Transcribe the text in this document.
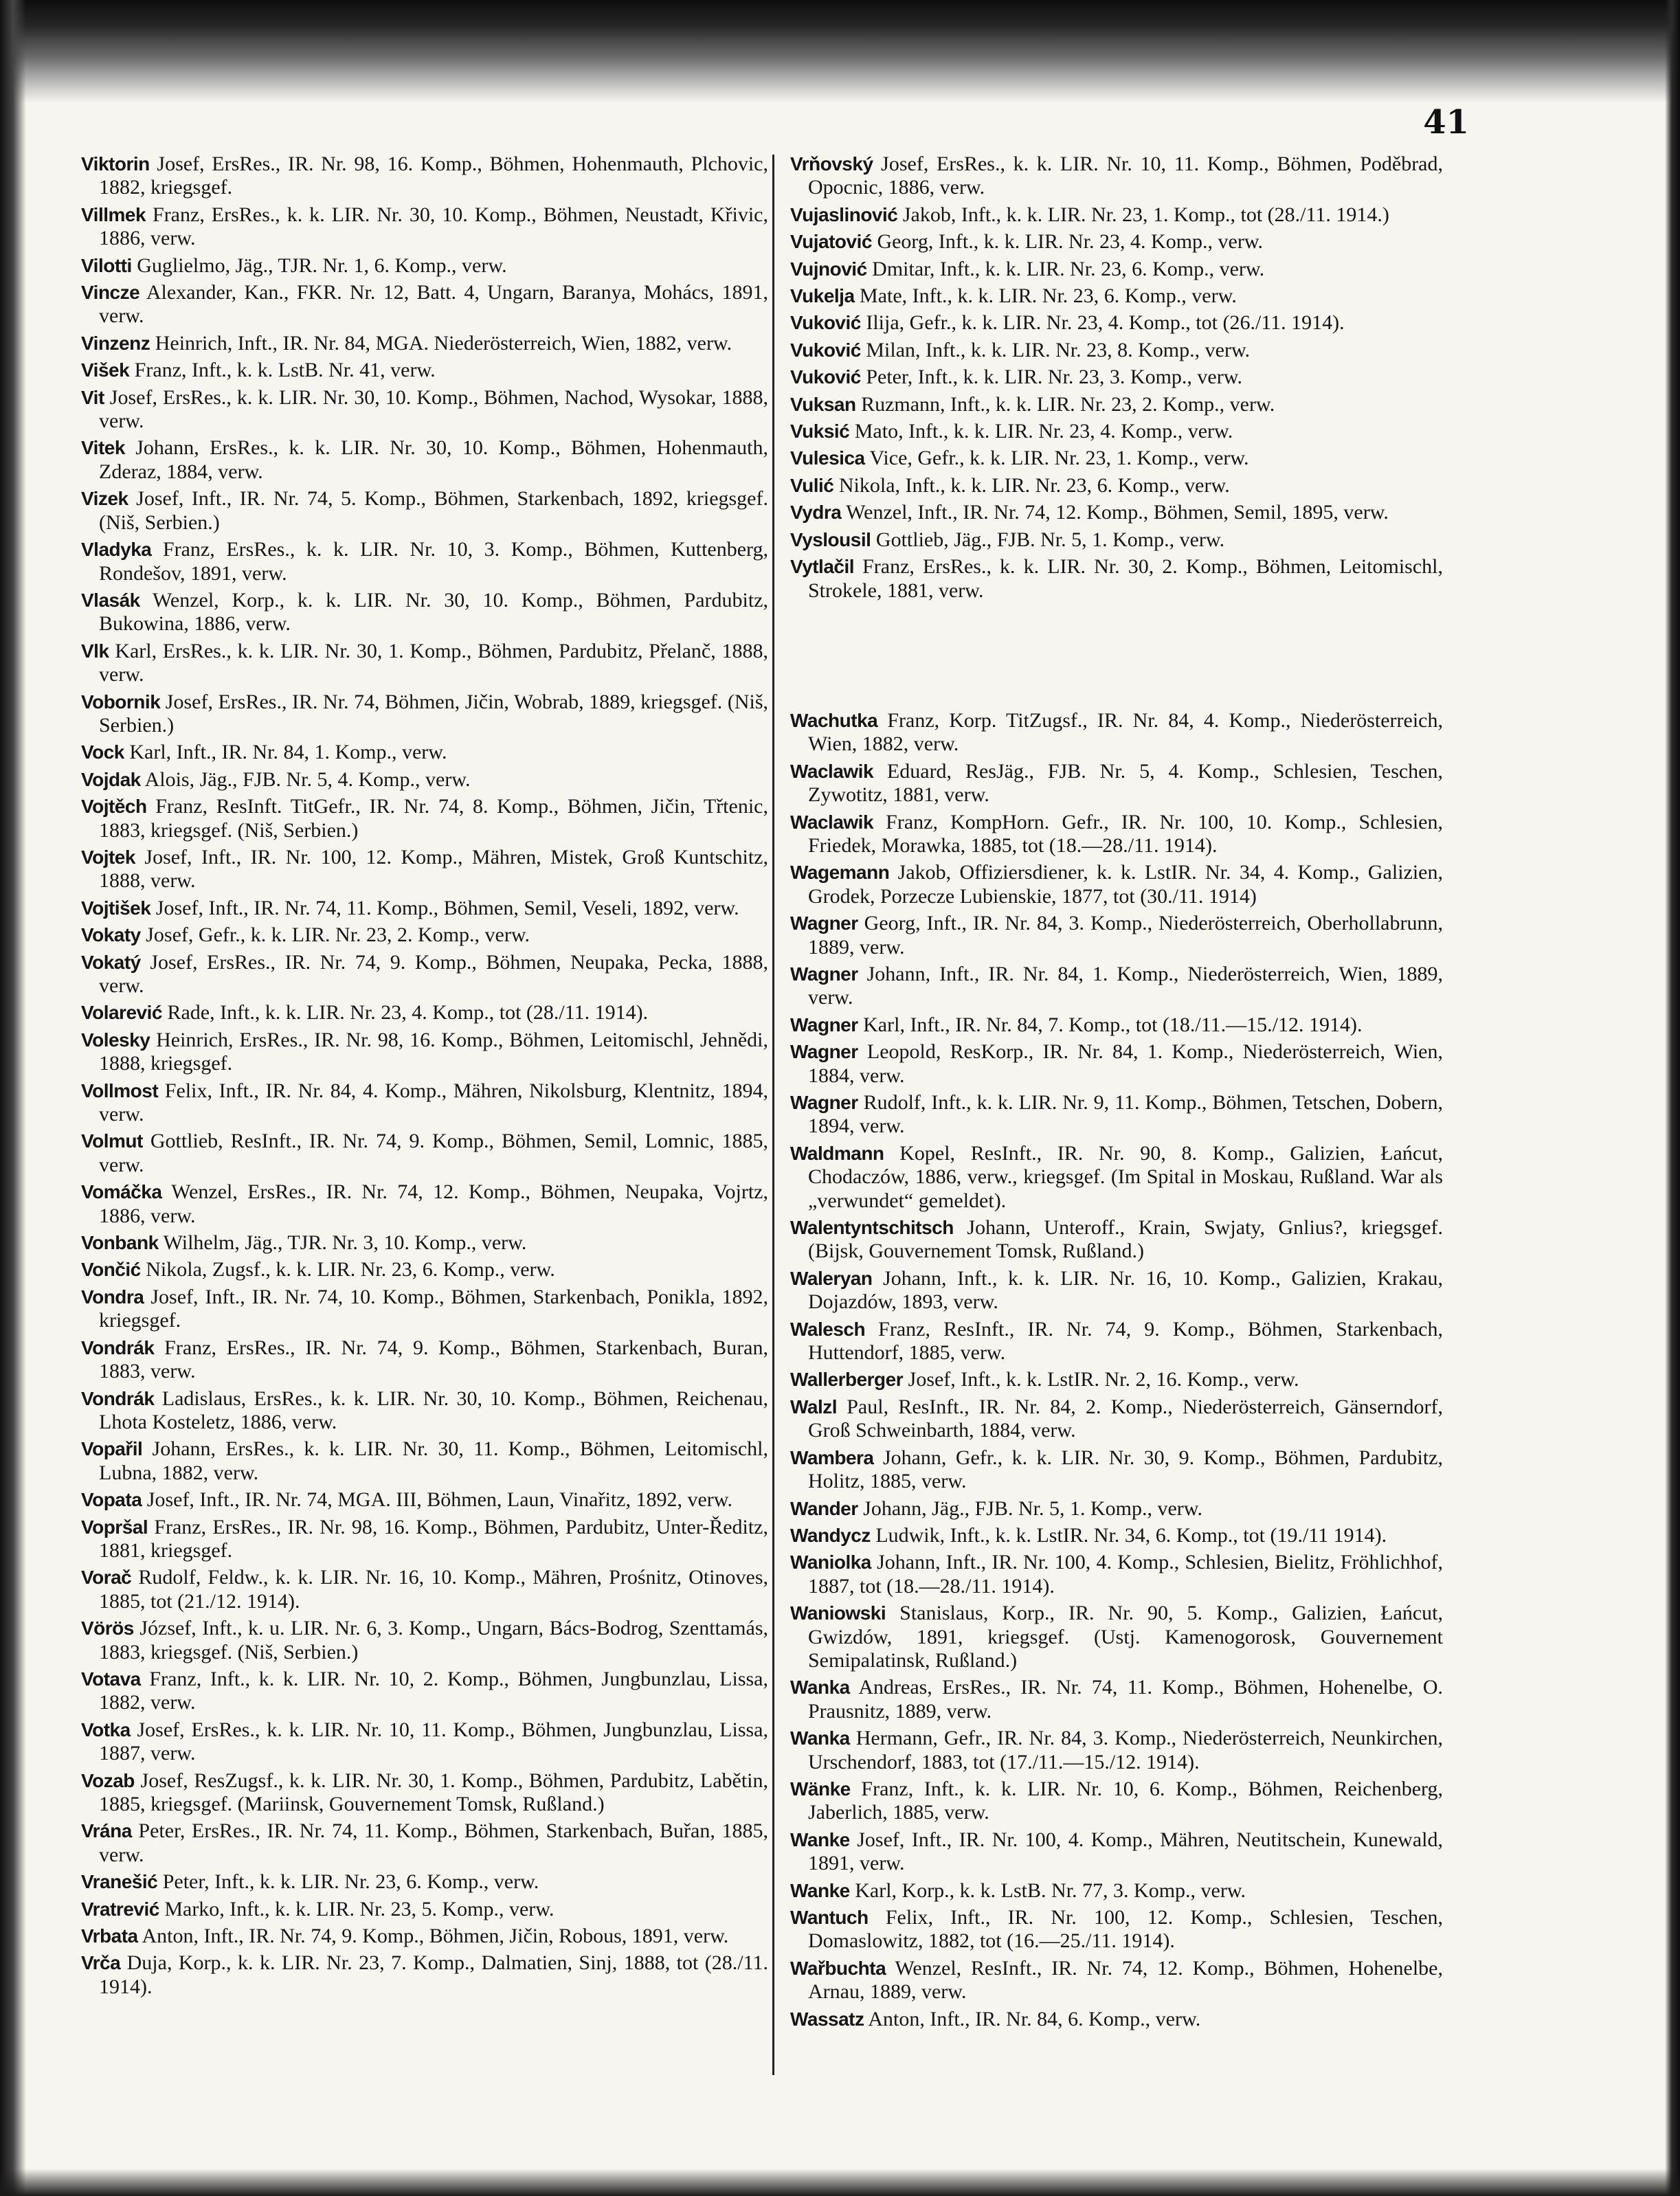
41
Viktorin Josef, ErsRes., IR. Nr. 98, 16. Komp., Böhmen, Hohenmauth, Plchovic, 1882, kriegsgef.
Villmek Franz, ErsRes., k. k. LIR. Nr. 30, 10. Komp., Böhmen, Neustadt, Křivic, 1886, verw.
Vilotti Guglielmo, Jäg., TJR. Nr. 1, 6. Komp., verw.
Vincze Alexander, Kan., FKR. Nr. 12, Batt. 4, Ungarn, Baranya, Mohács, 1891, verw.
Vinzenz Heinrich, Inft., IR. Nr. 84, MGA. Niederösterreich, Wien, 1882, verw.
Višek Franz, Inft., k. k. LstB. Nr. 41, verw.
Vit Josef, ErsRes., k. k. LIR. Nr. 30, 10. Komp., Böhmen, Nachod, Wysokar, 1888, verw.
Vitek Johann, ErsRes., k. k. LIR. Nr. 30, 10. Komp., Böhmen, Hohenmauth, Zderaz, 1884, verw.
Vizek Josef, Inft., IR. Nr. 74, 5. Komp., Böhmen, Starkenbach, 1892, kriegsgef. (Niš, Serbien.)
Vladyka Franz, ErsRes., k. k. LIR. Nr. 10, 3. Komp., Böhmen, Kuttenberg, Rondešov, 1891, verw.
Vlasák Wenzel, Korp., k. k. LIR. Nr. 30, 10. Komp., Böhmen, Pardubitz, Bukowina, 1886, verw.
Vlk Karl, ErsRes., k. k. LIR. Nr. 30, 1. Komp., Böhmen, Pardubitz, Přelanč, 1888, verw.
Vobornik Josef, ErsRes., IR. Nr. 74, Böhmen, Jičin, Wobrab, 1889, kriegsgef. (Niš, Serbien.)
Vock Karl, Inft., IR. Nr. 84, 1. Komp., verw.
Vojdak Alois, Jäg., FJB. Nr. 5, 4. Komp., verw.
Vojtěch Franz, ResInft. TitGefr., IR. Nr. 74, 8. Komp., Böhmen, Jičin, Třtenic, 1883, kriegsgef. (Niš, Serbien.)
Vojtek Josef, Inft., IR. Nr. 100, 12. Komp., Mähren, Mistek, Groß Kuntschitz, 1888, verw.
Vojtišek Josef, Inft., IR. Nr. 74, 11. Komp., Böhmen, Semil, Veseli, 1892, verw.
Vokaty Josef, Gefr., k. k. LIR. Nr. 23, 2. Komp., verw.
Vokatý Josef, ErsRes., IR. Nr. 74, 9. Komp., Böhmen, Neupaka, Pecka, 1888, verw.
Volarević Rade, Inft., k. k. LIR. Nr. 23, 4. Komp., tot (28./11. 1914).
Volesky Heinrich, ErsRes., IR. Nr. 98, 16. Komp., Böhmen, Leitomischl, Jehnědi, 1888, kriegsgef.
Vollmost Felix, Inft., IR. Nr. 84, 4. Komp., Mähren, Nikolsburg, Klentnitz, 1894, verw.
Volmut Gottlieb, ResInft., IR. Nr. 74, 9. Komp., Böhmen, Semil, Lomnic, 1885, verw.
Vomáčka Wenzel, ErsRes., IR. Nr. 74, 12. Komp., Böhmen, Neupaka, Vojrtz, 1886, verw.
Vonbank Wilhelm, Jäg., TJR. Nr. 3, 10. Komp., verw.
Vončić Nikola, Zugsf., k. k. LIR. Nr. 23, 6. Komp., verw.
Vondra Josef, Inft., IR. Nr. 74, 10. Komp., Böhmen, Starkenbach, Ponikla, 1892, kriegsgef.
Vondrák Franz, ErsRes., IR. Nr. 74, 9. Komp., Böhmen, Starkenbach, Buran, 1883, verw.
Vondrák Ladislaus, ErsRes., k. k. LIR. Nr. 30, 10. Komp., Böhmen, Reichenau, Lhota Kosteletz, 1886, verw.
Vopařil Johann, ErsRes., k. k. LIR. Nr. 30, 11. Komp., Böhmen, Leitomischl, Lubna, 1882, verw.
Vopata Josef, Inft., IR. Nr. 74, MGA. III, Böhmen, Laun, Vinařitz, 1892, verw.
Vopršal Franz, ErsRes., IR. Nr. 98, 16. Komp., Böhmen, Pardubitz, Unter-Ředitz, 1881, kriegsgef.
Vorač Rudolf, Feldw., k. k. LIR. Nr. 16, 10. Komp., Mähren, Prośnitz, Otinoves, 1885, tot (21./12. 1914).
Vörös József, Inft., k. u. LIR. Nr. 6, 3. Komp., Ungarn, Bács-Bodrog, Szenttamás, 1883, kriegsgef. (Niš, Serbien.)
Votava Franz, Inft., k. k. LIR. Nr. 10, 2. Komp., Böhmen, Jungbunzlau, Lissa, 1882, verw.
Votka Josef, ErsRes., k. k. LIR. Nr. 10, 11. Komp., Böhmen, Jungbunzlau, Lissa, 1887, verw.
Vozab Josef, ResZugsf., k. k. LIR. Nr. 30, 1. Komp., Böhmen, Pardubitz, Labětin, 1885, kriegsgef. (Mariinsk, Gouvernement Tomsk, Rußland.)
Vrána Peter, ErsRes., IR. Nr. 74, 11. Komp., Böhmen, Starkenbach, Buřan, 1885, verw.
Vranešić Peter, Inft., k. k. LIR. Nr. 23, 6. Komp., verw.
Vratrević Marko, Inft., k. k. LIR. Nr. 23, 5. Komp., verw.
Vrbata Anton, Inft., IR. Nr. 74, 9. Komp., Böhmen, Jičin, Robous, 1891, verw.
Vrča Duja, Korp., k. k. LIR. Nr. 23, 7. Komp., Dalmatien, Sinj, 1888, tot (28./11. 1914).
Vrňovský Josef, ErsRes., k. k. LIR. Nr. 10, 11. Komp., Böhmen, Poděbrad, Opocnic, 1886, verw.
Vujaslinović Jakob, Inft., k. k. LIR. Nr. 23, 1. Komp., tot (28./11. 1914.)
Vujatović Georg, Inft., k. k. LIR. Nr. 23, 4. Komp., verw.
Vujnović Dmitar, Inft., k. k. LIR. Nr. 23, 6. Komp., verw.
Vukelja Mate, Inft., k. k. LIR. Nr. 23, 6. Komp., verw.
Vuković Ilija, Gefr., k. k. LIR. Nr. 23, 4. Komp., tot (26./11. 1914).
Vuković Milan, Inft., k. k. LIR. Nr. 23, 8. Komp., verw.
Vuković Peter, Inft., k. k. LIR. Nr. 23, 3. Komp., verw.
Vuksan Ruzmann, Inft., k. k. LIR. Nr. 23, 2. Komp., verw.
Vuksić Mato, Inft., k. k. LIR. Nr. 23, 4. Komp., verw.
Vulesica Vice, Gefr., k. k. LIR. Nr. 23, 1. Komp., verw.
Vulić Nikola, Inft., k. k. LIR. Nr. 23, 6. Komp., verw.
Vydra Wenzel, Inft., IR. Nr. 74, 12. Komp., Böhmen, Semil, 1895, verw.
Vyslousil Gottlieb, Jäg., FJB. Nr. 5, 1. Komp., verw.
Vytlačil Franz, ErsRes., k. k. LIR. Nr. 30, 2. Komp., Böhmen, Leitomischl, Strokele, 1881, verw.
Wachutka Franz, Korp. TitZugsf., IR. Nr. 84, 4. Komp., Niederösterreich, Wien, 1882, verw.
Waclawik Eduard, ResJäg., FJB. Nr. 5, 4. Komp., Schlesien, Teschen, Zywotitz, 1881, verw.
Waclawik Franz, KompHorn. Gefr., IR. Nr. 100, 10. Komp., Schlesien, Friedek, Morawka, 1885, tot (18.—28./11. 1914).
Wagemann Jakob, Offiziersdiener, k. k. LstIR. Nr. 34, 4. Komp., Galizien, Grodek, Porzecze Lubienskie, 1877, tot (30./11. 1914)
Wagner Georg, Inft., IR. Nr. 84, 3. Komp., Niederösterreich, Oberhollabrunn, 1889, verw.
Wagner Johann, Inft., IR. Nr. 84, 1. Komp., Niederösterreich, Wien, 1889, verw.
Wagner Karl, Inft., IR. Nr. 84, 7. Komp., tot (18./11.—15./12. 1914).
Wagner Leopold, ResKorp., IR. Nr. 84, 1. Komp., Niederösterreich, Wien, 1884, verw.
Wagner Rudolf, Inft., k. k. LIR. Nr. 9, 11. Komp., Böhmen, Tetschen, Dobern, 1894, verw.
Waldmann Kopel, ResInft., IR. Nr. 90, 8. Komp., Galizien, Łańcut, Chodaczów, 1886, verw., kriegsgef. (Im Spital in Moskau, Rußland. War als „verwundet“ gemeldet).
Walentyntschitsch Johann, Unteroff., Krain, Swjaty, Gnlius?, kriegsgef. (Bijsk, Gouvernement Tomsk, Rußland.)
Waleryan Johann, Inft., k. k. LIR. Nr. 16, 10. Komp., Galizien, Krakau, Dojazdów, 1893, verw.
Walesch Franz, ResInft., IR. Nr. 74, 9. Komp., Böhmen, Starkenbach, Huttendorf, 1885, verw.
Wallerberger Josef, Inft., k. k. LstIR. Nr. 2, 16. Komp., verw.
Walzl Paul, ResInft., IR. Nr. 84, 2. Komp., Niederösterreich, Gänserndorf, Groß Schweinbarth, 1884, verw.
Wambera Johann, Gefr., k. k. LIR. Nr. 30, 9. Komp., Böhmen, Pardubitz, Holitz, 1885, verw.
Wander Johann, Jäg., FJB. Nr. 5, 1. Komp., verw.
Wandycz Ludwik, Inft., k. k. LstIR. Nr. 34, 6. Komp., tot (19./11 1914).
Waniolka Johann, Inft., IR. Nr. 100, 4. Komp., Schlesien, Bielitz, Fröhlichhof, 1887, tot (18.—28./11. 1914).
Waniowski Stanislaus, Korp., IR. Nr. 90, 5. Komp., Galizien, Łańcut, Gwizdów, 1891, kriegsgef. (Ustj. Kamenogorosk, Gouvernement Semipalatinsk, Rußland.)
Wanka Andreas, ErsRes., IR. Nr. 74, 11. Komp., Böhmen, Hohenelbe, O. Prausnitz, 1889, verw.
Wanka Hermann, Gefr., IR. Nr. 84, 3. Komp., Niederösterreich, Neunkirchen, Urschendorf, 1883, tot (17./11.—15./12. 1914).
Wänke Franz, Inft., k. k. LIR. Nr. 10, 6. Komp., Böhmen, Reichenberg, Jaberlich, 1885, verw.
Wanke Josef, Inft., IR. Nr. 100, 4. Komp., Mähren, Neutitschein, Kunewald, 1891, verw.
Wanke Karl, Korp., k. k. LstB. Nr. 77, 3. Komp., verw.
Wantuch Felix, Inft., IR. Nr. 100, 12. Komp., Schlesien, Teschen, Domaslowitz, 1882, tot (16.—25./11. 1914).
Wařbuchta Wenzel, ResInft., IR. Nr. 74, 12. Komp., Böhmen, Hohenelbe, Arnau, 1889, verw.
Wassatz Anton, Inft., IR. Nr. 84, 6. Komp., verw.
